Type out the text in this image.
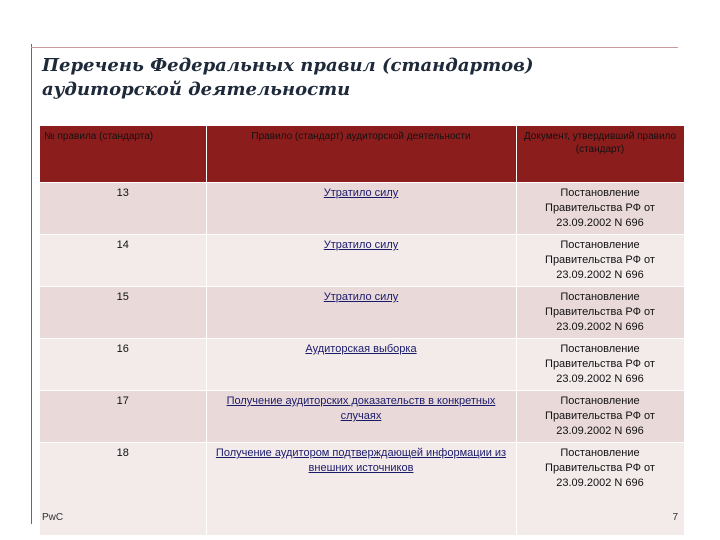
Перечень Федеральных правил (стандартов)
аудиторской деятельности
№ правила (стандарта)	Правило (стандарт) аудиторской деятельности	Документ, утвердивший правило (стандарт)
13	Утратило силу	Постановление Правительства РФ от 23.09.2002 N 696
14	Утратило силу	Постановление Правительства РФ от 23.09.2002 N 696
15	Утратило силу	Постановление Правительства РФ от 23.09.2002 N 696
16	Аудиторская выборка	Постановление Правительства РФ от 23.09.2002 N 696
17	Получение аудиторских доказательств в конкретных случаях	Постановление Правительства РФ от 23.09.2002 N 696
18	Получение аудитором подтверждающей информации из внешних источников	Постановление Правительства РФ от 23.09.2002 N 696
PwC	7
